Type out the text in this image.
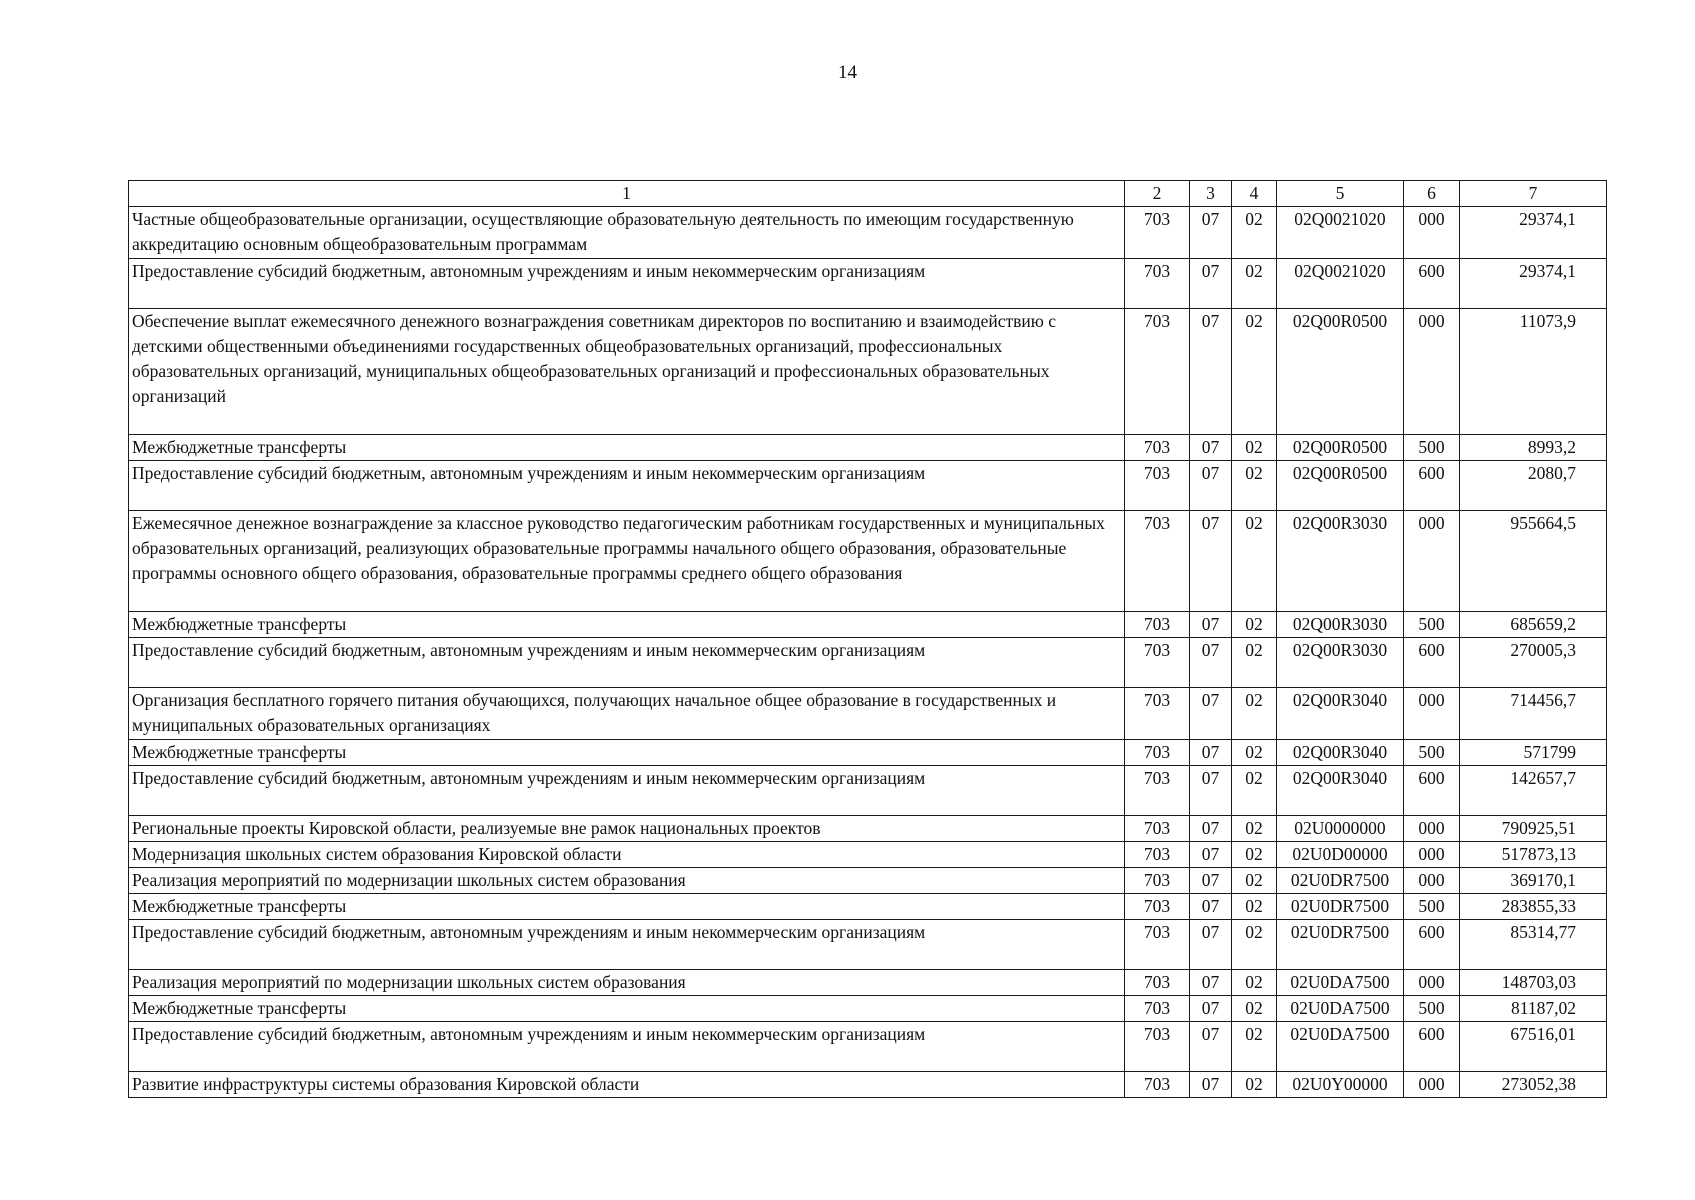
14
1	2	3	4	5	6	7
Частные общеобразовательные организации, осуществляющие образовательную деятельность по имеющим государственную аккредитацию основным общеобразовательным программам	703	07	02	02Q0021020	000	29374,1
Предоставление субсидий бюджетным, автономным учреждениям и иным некоммерческим организациям	703	07	02	02Q0021020	600	29374,1
Обеспечение выплат ежемесячного денежного вознаграждения советникам директоров по воспитанию и взаимодействию с детскими общественными объединениями государственных общеобразовательных организаций, профессиональных образовательных организаций, муниципальных общеобразовательных организаций и профессиональных образовательных организаций	703	07	02	02Q00R0500	000	11073,9
Межбюджетные трансферты	703	07	02	02Q00R0500	500	8993,2
Предоставление субсидий бюджетным, автономным учреждениям и иным некоммерческим организациям	703	07	02	02Q00R0500	600	2080,7
Ежемесячное денежное вознаграждение за классное руководство педагогическим работникам государственных и муниципальных образовательных организаций, реализующих образовательные программы начального общего образования, образовательные программы основного общего образования, образовательные программы среднего общего образования	703	07	02	02Q00R3030	000	955664,5
Межбюджетные трансферты	703	07	02	02Q00R3030	500	685659,2
Предоставление субсидий бюджетным, автономным учреждениям и иным некоммерческим организациям	703	07	02	02Q00R3030	600	270005,3
Организация бесплатного горячего питания обучающихся, получающих начальное общее образование в государственных и муниципальных образовательных организациях	703	07	02	02Q00R3040	000	714456,7
Межбюджетные трансферты	703	07	02	02Q00R3040	500	571799
Предоставление субсидий бюджетным, автономным учреждениям и иным некоммерческим организациям	703	07	02	02Q00R3040	600	142657,7
Региональные проекты Кировской области, реализуемые вне рамок национальных проектов	703	07	02	02U0000000	000	790925,51
Модернизация школьных систем образования Кировской области	703	07	02	02U0D00000	000	517873,13
Реализация мероприятий по модернизации школьных систем образования	703	07	02	02U0DR7500	000	369170,1
Межбюджетные трансферты	703	07	02	02U0DR7500	500	283855,33
Предоставление субсидий бюджетным, автономным учреждениям и иным некоммерческим организациям	703	07	02	02U0DR7500	600	85314,77
Реализация мероприятий по модернизации школьных систем образования	703	07	02	02U0DA7500	000	148703,03
Межбюджетные трансферты	703	07	02	02U0DA7500	500	81187,02
Предоставление субсидий бюджетным, автономным учреждениям и иным некоммерческим организациям	703	07	02	02U0DA7500	600	67516,01
Развитие инфраструктуры системы образования Кировской области	703	07	02	02U0Y00000	000	273052,38
